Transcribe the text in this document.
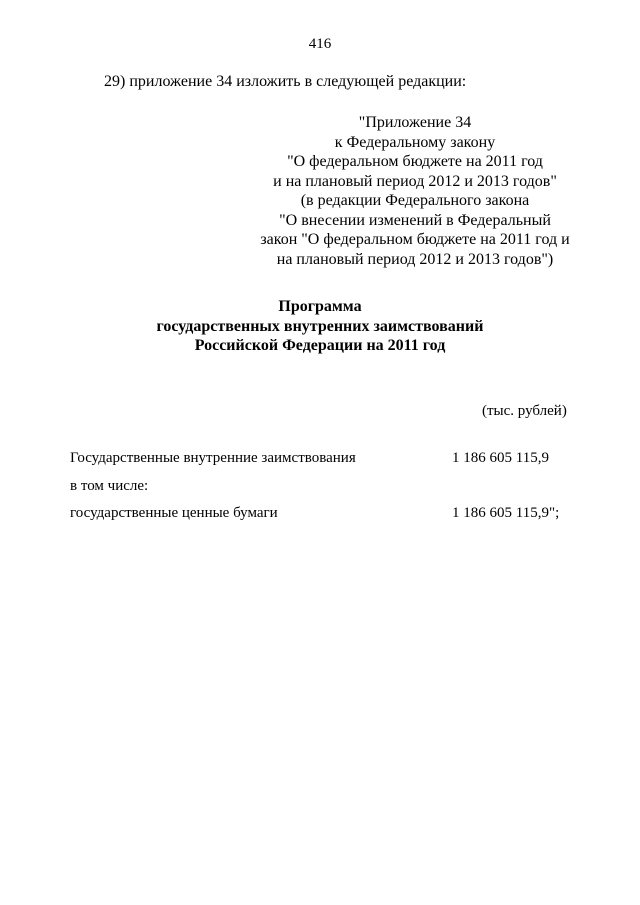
416
29) приложение 34 изложить в следующей редакции:
"Приложение 34
к Федеральному закону
"О федеральном бюджете на 2011 год
и на плановый период 2012 и 2013 годов"
(в редакции Федерального закона
"О внесении изменений в Федеральный
закон "О федеральном бюджете на 2011 год и
на плановый период 2012 и 2013 годов")
Программа
государственных внутренних заимствований
Российской Федерации на 2011 год
(тыс. рублей)
Государственные внутренние заимствования	1 186 605 115,9
в том числе:
государственные ценные бумаги	1 186 605 115,9";
